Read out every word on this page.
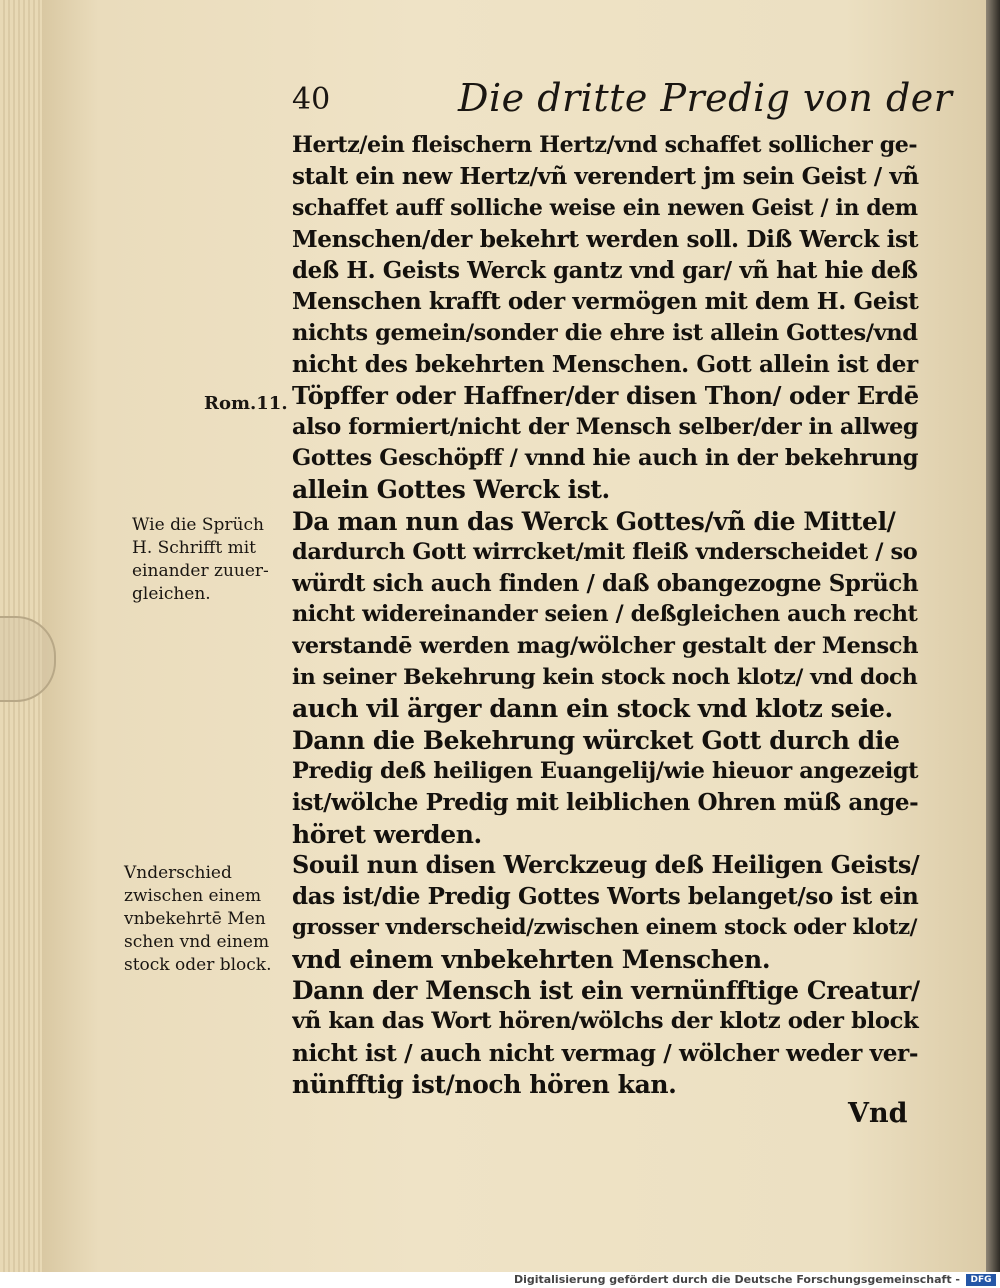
40	Die dritte Predig von der
Hertz/ein fleischern Hertz/vnd schaffet sollicher ge-
stalt ein new Hertz/vñ verendert jm sein Geist / vñ
schaffet auff solliche weise ein newen Geist / in dem
Menschen/der bekehrt werden soll. Diß Werck ist
deß H. Geists Werck gantz vnd gar/ vñ hat hie deß
Menschen krafft oder vermögen mit dem H. Geist
nichts gemein/sonder die ehre ist allein Gottes/vnd
nicht des bekehrten Menschen. Gott allein ist der
Töpffer oder Haffner/der disen Thon/ oder Erdē
also formiert/nicht der Mensch selber/der in allweg
Gottes Geschöpff / vnnd hie auch in der bekehrung
allein Gottes Werck ist.
Da man nun das Werck Gottes/vñ die Mittel/
dardurch Gott wirrcket/mit fleiß vnderscheidet / so
würdt sich auch finden / daß obangezogne Sprüch
nicht widereinander seien / deßgleichen auch recht
verstandē werden mag/wölcher gestalt der Mensch
in seiner Bekehrung kein stock noch klotz/ vnd doch
auch vil ärger dann ein stock vnd klotz seie.
Dann die Bekehrung würcket Gott durch die
Predig deß heiligen Euangelij/wie hieuor angezeigt
ist/wölche Predig mit leiblichen Ohren müß ange-
höret werden.
Souil nun disen Werckzeug deß Heiligen Geists/
das ist/die Predig Gottes Worts belanget/so ist ein
grosser vnderscheid/zwischen einem stock oder klotz/
vnd einem vnbekehrten Menschen.
Dann der Mensch ist ein vernünfftige Creatur/
vñ kan das Wort hören/wölchs der klotz oder block
nicht ist / auch nicht vermag / wölcher weder ver-
nünfftig ist/noch hören kan.
Rom.11.
Wie die Sprüch
H. Schrifft mit
einander zuuer-
gleichen.
Vnderschied
zwischen einem
vnbekehrtē Men
schen vnd einem
stock oder block.
Vnd
Digitalisierung gefördert durch die Deutsche Forschungsgemeinschaft -	DFG
